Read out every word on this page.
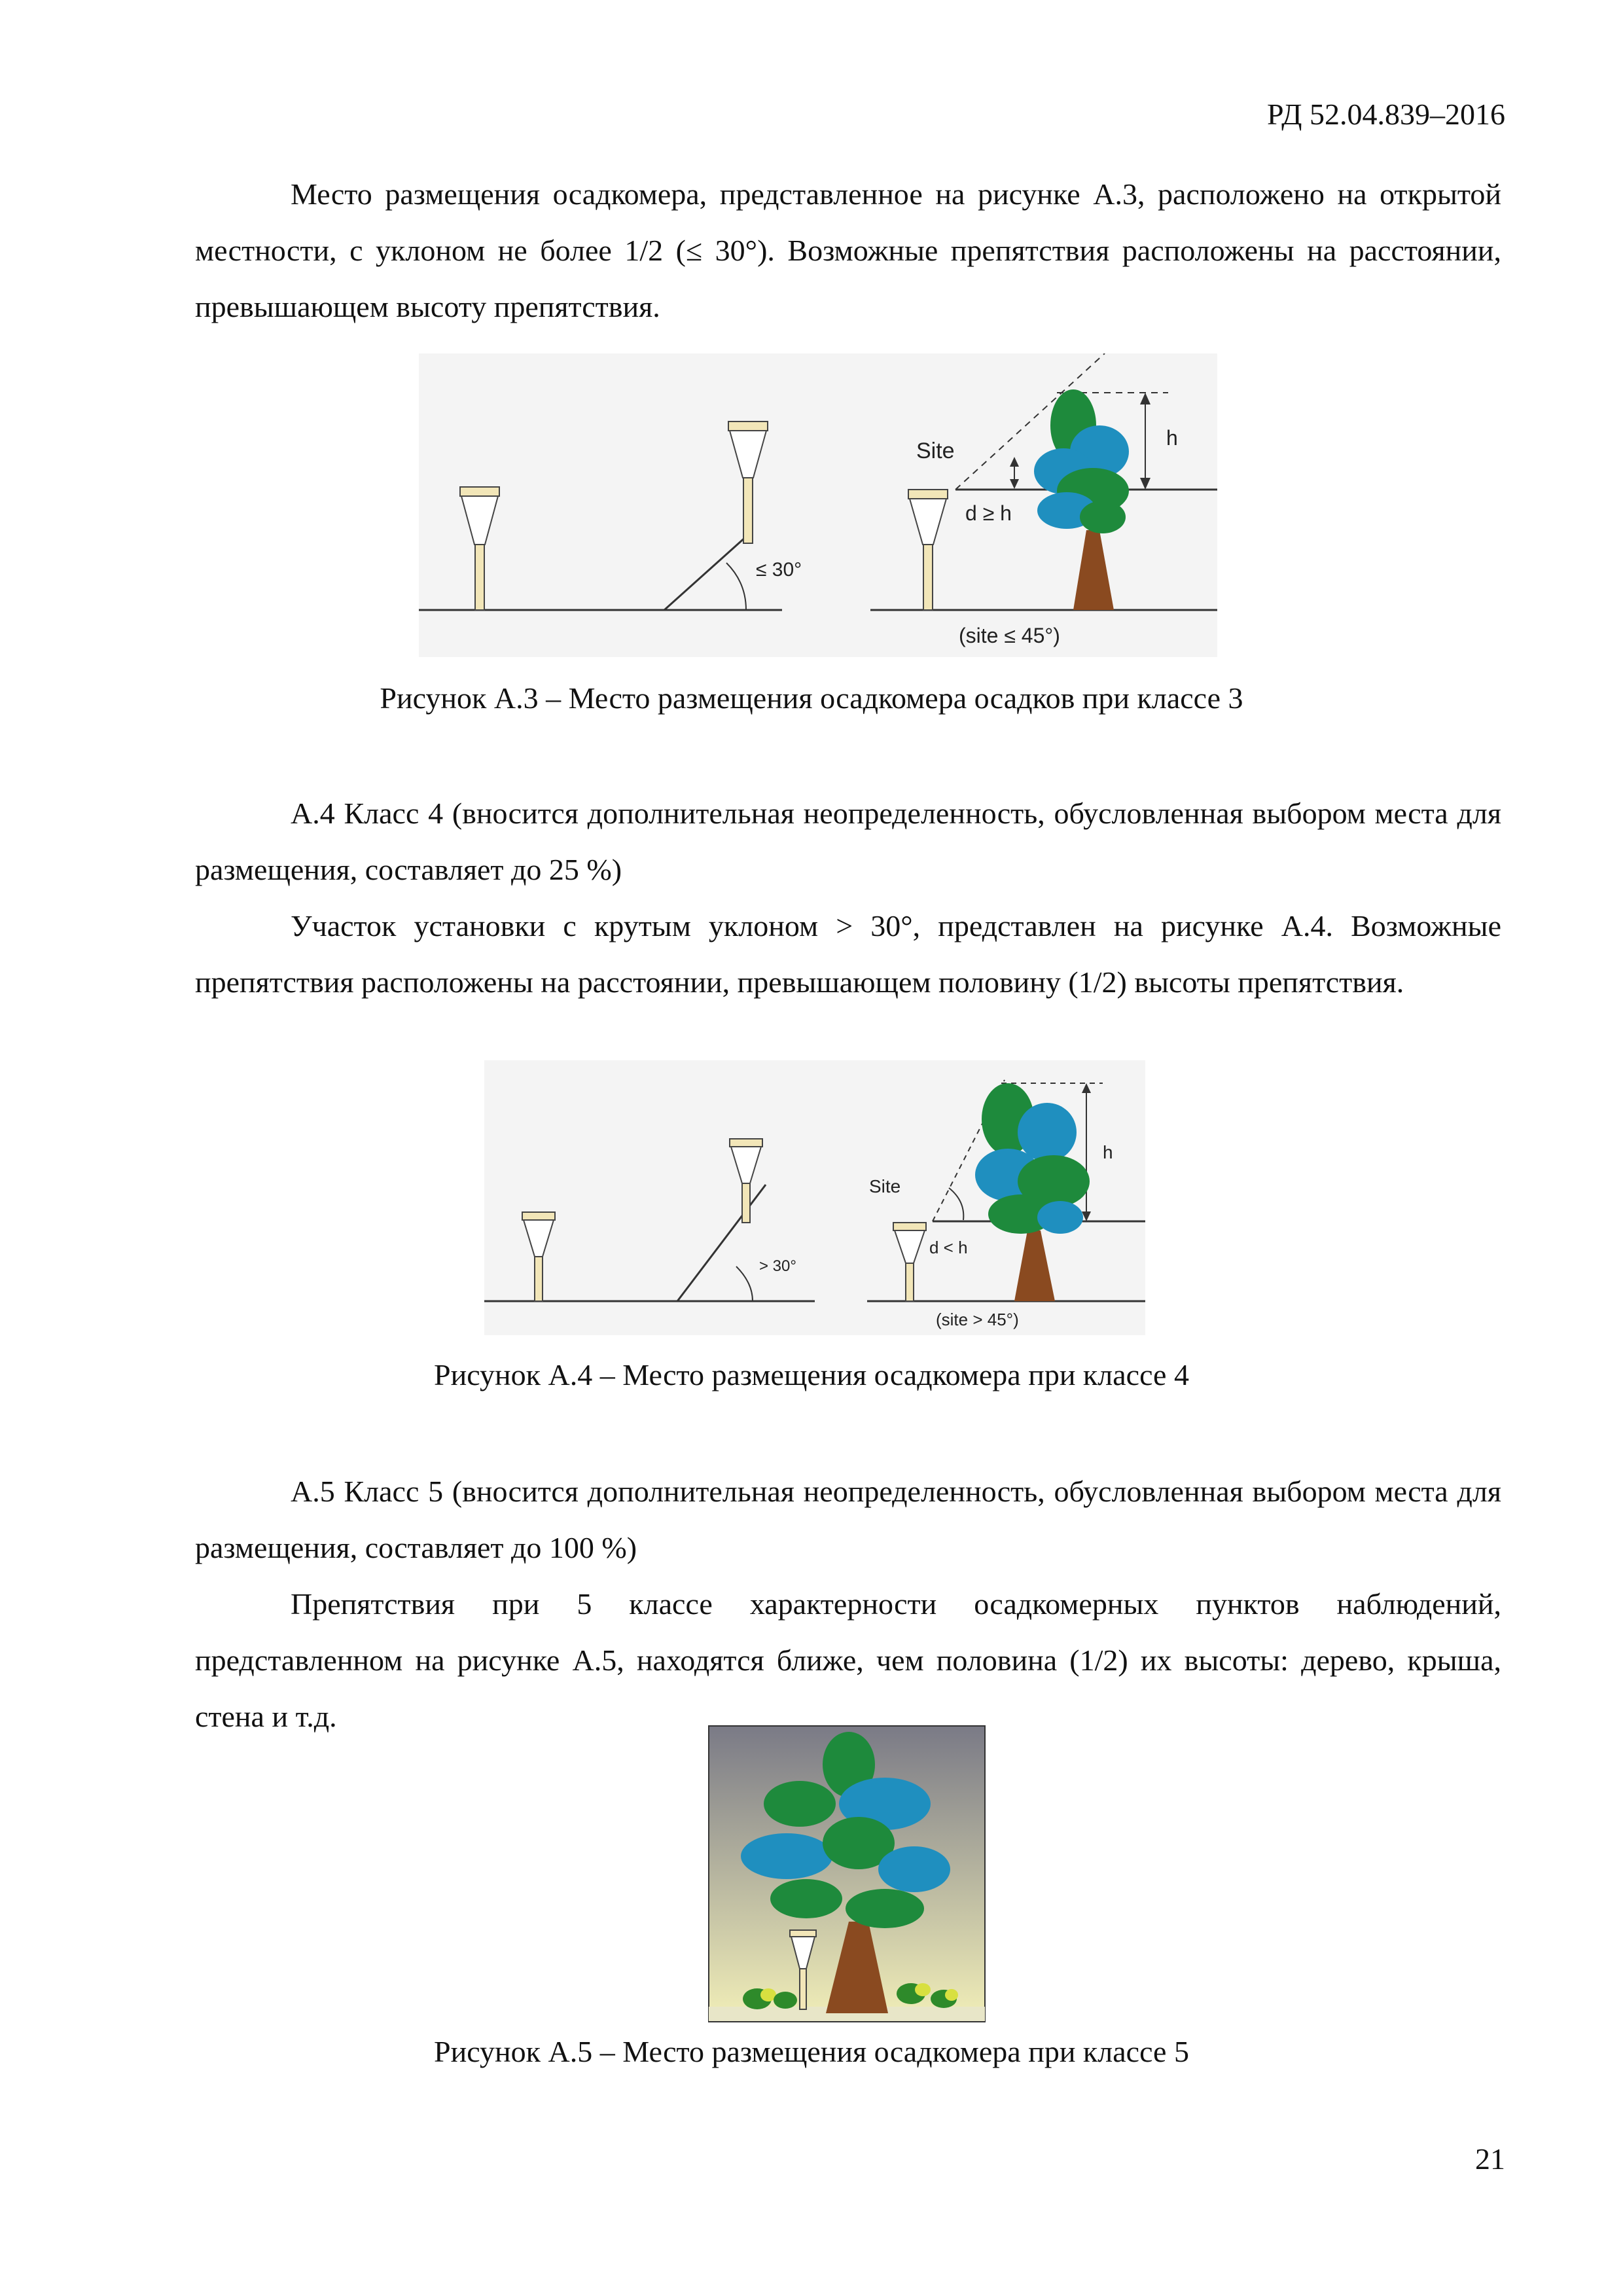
РД 52.04.839–2016

Место размещения осадкомера, представленное на рисунке А.3, расположено на открытой местности, с уклоном не более 1/2 (≤ 30°). Возможные препятствия расположены на расстоянии, превышающем высоту препятствия.

≤ 30°
h
Site
d ≥ h
(site ≤ 45°)
Рисунок А.3 – Место размещения осадкомера осадков при классе 3

А.4 Класс 4 (вносится дополнительная неопределенность, обусловленная выбором места для размещения, составляет до 25 %)

Участок установки с крутым уклоном > 30°, представлен на рисунке А.4. Возможные препятствия расположены на расстоянии, превышающем половину (1/2) высоты препятствия.

> 30°
h
Site
d < h
(site > 45°)
Рисунок А.4 – Место размещения осадкомера при классе 4

А.5 Класс 5 (вносится дополнительная неопределенность, обусловленная выбором места для размещения, составляет до 100 %)

Препятствия при 5 классе характерности осадкомерных пунктов наблюдений, представленном на рисунке А.5, находятся ближе, чем половина (1/2) их высоты: дерево, крыша, стена и т.д.

Рисунок А.5 – Место размещения осадкомера при классе 5
21
